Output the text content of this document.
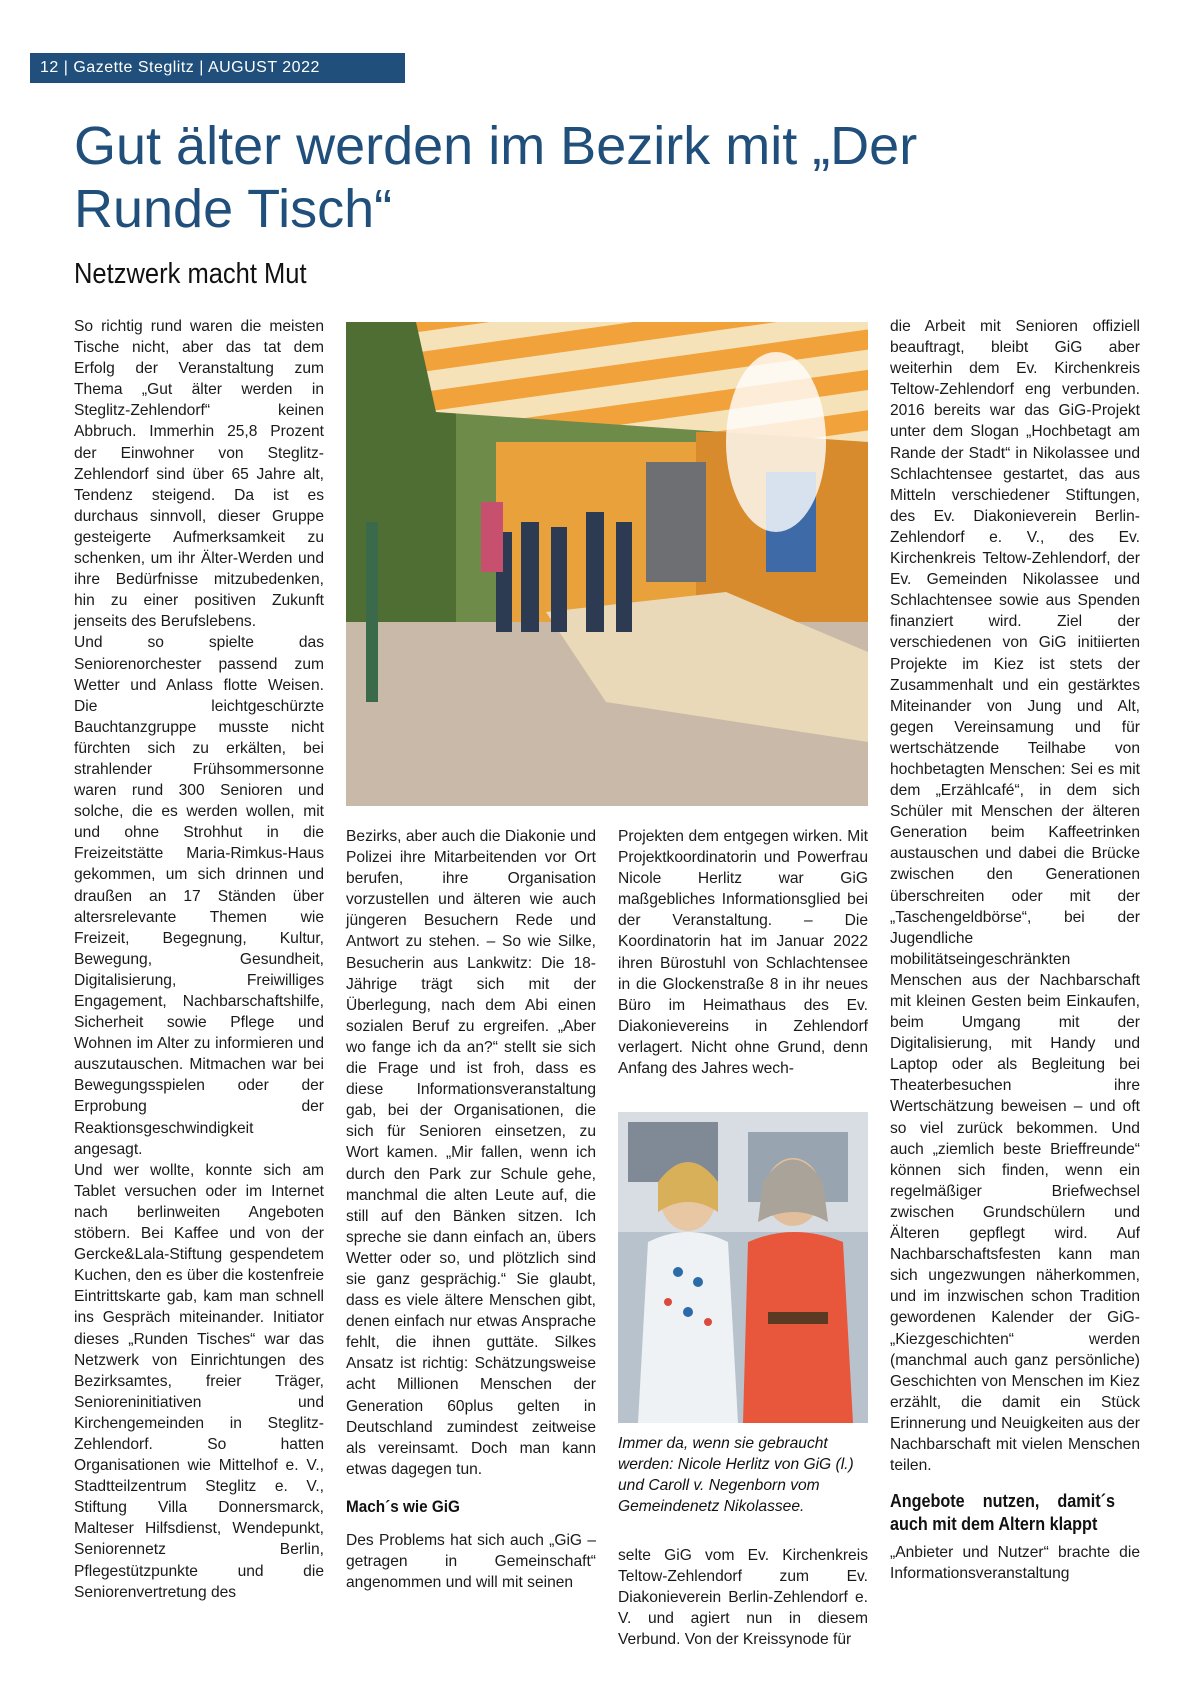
12 | Gazette Steglitz | AUGUST 2022
Gut älter werden im Bezirk mit „Der Runde Tisch“
Netzwerk macht Mut

So richtig rund waren die meisten Tische nicht, aber das tat dem Erfolg der Veranstaltung zum Thema „Gut älter werden in Steglitz-Zehlendorf“ keinen Abbruch. Immerhin 25,8 Prozent der Einwohner von Steglitz-Zehlendorf sind über 65 Jahre alt, Tendenz steigend. Da ist es durchaus sinnvoll, dieser Gruppe gesteigerte Aufmerksamkeit zu schenken, um ihr Älter-Werden und ihre Bedürfnisse mitzubedenken, hin zu einer positiven Zukunft jenseits des Berufslebens.

Und so spielte das Seniorenorchester passend zum Wetter und Anlass flotte Weisen. Die leichtgeschürzte Bauchtanzgruppe musste nicht fürchten sich zu erkälten, bei strahlender Frühsommersonne waren rund 300 Senioren und solche, die es werden wollen, mit und ohne Strohhut in die Freizeitstätte Maria-Rimkus-Haus gekommen, um sich drinnen und draußen an 17 Ständen über altersrelevante Themen wie Freizeit, Begegnung, Kultur, Bewegung, Gesundheit, Digitalisierung, Freiwilliges Engagement, Nachbarschaftshilfe, Sicherheit sowie Pflege und Wohnen im Alter zu informieren und auszutauschen. Mitmachen war bei Bewegungsspielen oder der Erprobung der Reaktionsgeschwindigkeit angesagt.

Und wer wollte, konnte sich am Tablet versuchen oder im Internet nach berlinweiten Angeboten stöbern. Bei Kaffee und von der Gercke&Lala-Stiftung gespendetem Kuchen, den es über die kostenfreie Eintrittskarte gab, kam man schnell ins Gespräch miteinander. Initiator dieses „Runden Tisches“ war das Netzwerk von Einrichtungen des Bezirksamtes, freier Träger, Senioreninitiativen und Kirchengemeinden in Steglitz-Zehlendorf. So hatten Organisationen wie Mittelhof e. V., Stadtteilzentrum Steglitz e. V., Stiftung Villa Donnersmarck, Malteser Hilfsdienst, Wendepunkt, Seniorennetz Berlin, Pflegestützpunkte und die Seniorenvertretung des

Bezirks, aber auch die Diakonie und Polizei ihre Mitarbeitenden vor Ort berufen, ihre Organisation vorzustellen und älteren wie auch jüngeren Besuchern Rede und Antwort zu stehen. – So wie Silke, Besucherin aus Lankwitz: Die 18-Jährige trägt sich mit der Überlegung, nach dem Abi einen sozialen Beruf zu ergreifen. „Aber wo fange ich da an?“ stellt sie sich die Frage und ist froh, dass es diese Informationsveranstaltung gab, bei der Organisationen, die sich für Senioren einsetzen, zu Wort kamen. „Mir fallen, wenn ich durch den Park zur Schule gehe, manchmal die alten Leute auf, die still auf den Bänken sitzen. Ich spreche sie dann einfach an, übers Wetter oder so, und plötzlich sind sie ganz gesprächig.“ Sie glaubt, dass es viele ältere Menschen gibt, denen einfach nur etwas Ansprache fehlt, die ihnen guttäte. Silkes Ansatz ist richtig: Schätzungsweise acht Millionen Menschen der Generation 60plus gelten in Deutschland zumindest zeitweise als vereinsamt. Doch man kann etwas dagegen tun.

Mach´s wie GiG

Des Problems hat sich auch „GiG – getragen in Gemeinschaft“ angenommen und will mit seinen

Projekten dem entgegen wirken. Mit Projektkoordinatorin und Powerfrau Nicole Herlitz war GiG maßgebliches Informationsglied bei der Veranstaltung. – Die Koordinatorin hat im Januar 2022 ihren Bürostuhl von Schlachtensee in die Glockenstraße 8 in ihr neues Büro im Heimathaus des Ev. Diakonievereins in Zehlendorf verlagert. Nicht ohne Grund, denn Anfang des Jahres wech-

Immer da, wenn sie gebraucht werden: Nicole Herlitz von GiG (l.) und Caroll v. Negenborn vom Gemeindenetz Nikolassee.

selte GiG vom Ev. Kirchenkreis Teltow-Zehlendorf zum Ev. Diakonieverein Berlin-Zehlendorf e. V. und agiert nun in diesem Verbund. Von der Kreissynode für

die Arbeit mit Senioren offiziell beauftragt, bleibt GiG aber weiterhin dem Ev. Kirchenkreis Teltow-Zehlendorf eng verbunden. 2016 bereits war das GiG-Projekt unter dem Slogan „Hochbetagt am Rande der Stadt“ in Nikolassee und Schlachtensee gestartet, das aus Mitteln verschiedener Stiftungen, des Ev. Diakonieverein Berlin-Zehlendorf e. V., des Ev. Kirchenkreis Teltow-Zehlendorf, der Ev. Gemeinden Nikolassee und Schlachtensee sowie aus Spenden finanziert wird. Ziel der verschiedenen von GiG initiierten Projekte im Kiez ist stets der Zusammenhalt und ein gestärktes Miteinander von Jung und Alt, gegen Vereinsamung und für wertschätzende Teilhabe von hochbetagten Menschen: Sei es mit dem „Erzählcafé“, in dem sich Schüler mit Menschen der älteren Generation beim Kaffeetrinken austauschen und dabei die Brücke zwischen den Generationen überschreiten oder mit der „Taschengeldbörse“, bei der Jugendliche mobilitätseingeschränkten Menschen aus der Nachbarschaft mit kleinen Gesten beim Einkaufen, beim Umgang mit der Digitalisierung, mit Handy und Laptop oder als Begleitung bei Theaterbesuchen ihre Wertschätzung beweisen – und oft so viel zurück bekommen. Und auch „ziemlich beste Brieffreunde“ können sich finden, wenn ein regelmäßiger Briefwechsel zwischen Grundschülern und Älteren gepflegt wird. Auf Nachbarschaftsfesten kann man sich ungezwungen näherkommen, und im inzwischen schon Tradition gewordenen Kalender der GiG-„Kiezgeschichten“ werden (manchmal auch ganz persönliche) Geschichten von Menschen im Kiez erzählt, die damit ein Stück Erinnerung und Neuigkeiten aus der Nachbarschaft mit vielen Menschen teilen.

Angebote nutzen, damit´s auch mit dem Altern klappt

„Anbieter und Nutzer“ brachte die Informationsveranstaltung
